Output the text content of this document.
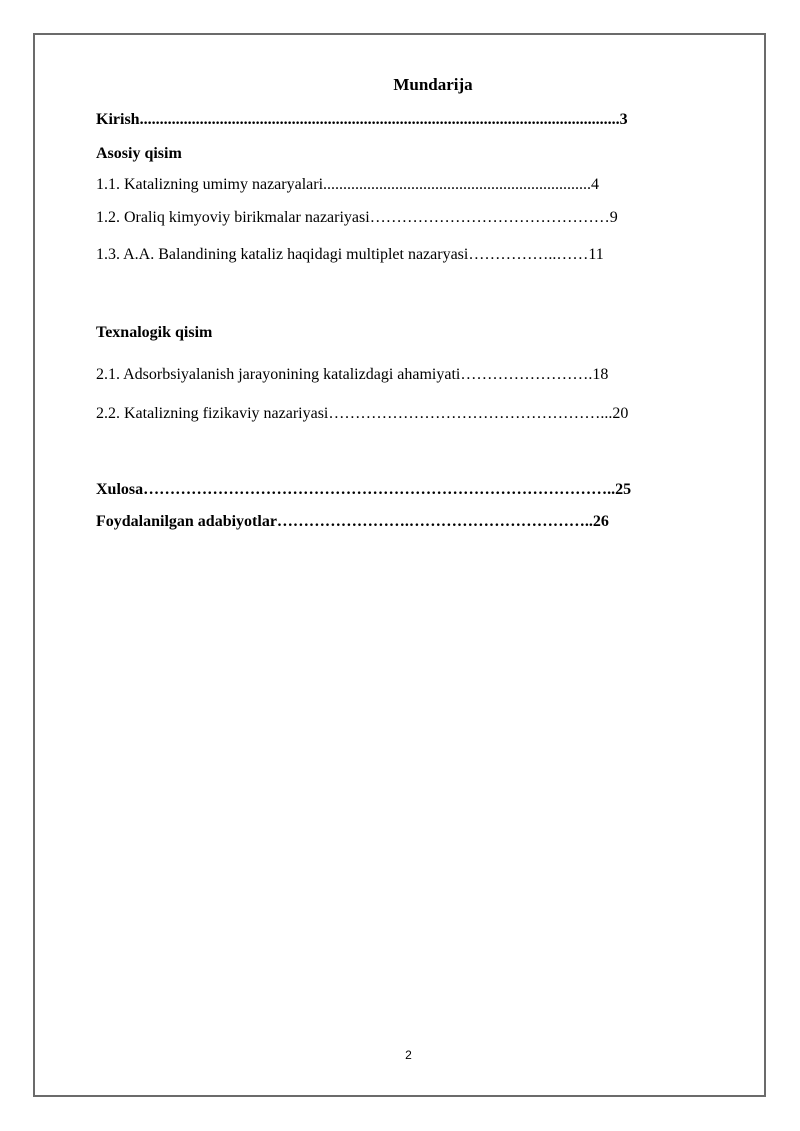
Mundarija
Kirish........................................................................................................................3
Asosiy qisim
1.1. Katalizning umimy nazaryalari...................................................................4
1.2. Oraliq kimyoviy birikmalar nazariyasi………………………………………9
1.3. A.A. Balandining kataliz haqidagi multiplet nazaryasi……………..……11
Texnalogik qisim
2.1. Adsorbsiyalanish jarayonining katalizdagi ahamiyati…………………….18
2.2. Katalizning fizikaviy nazariyasi……………………………………………...20
Xulosa……………………………………………………………………………..25
Foydalanilgan adabiyotlar…………………….……………………………..26
2
